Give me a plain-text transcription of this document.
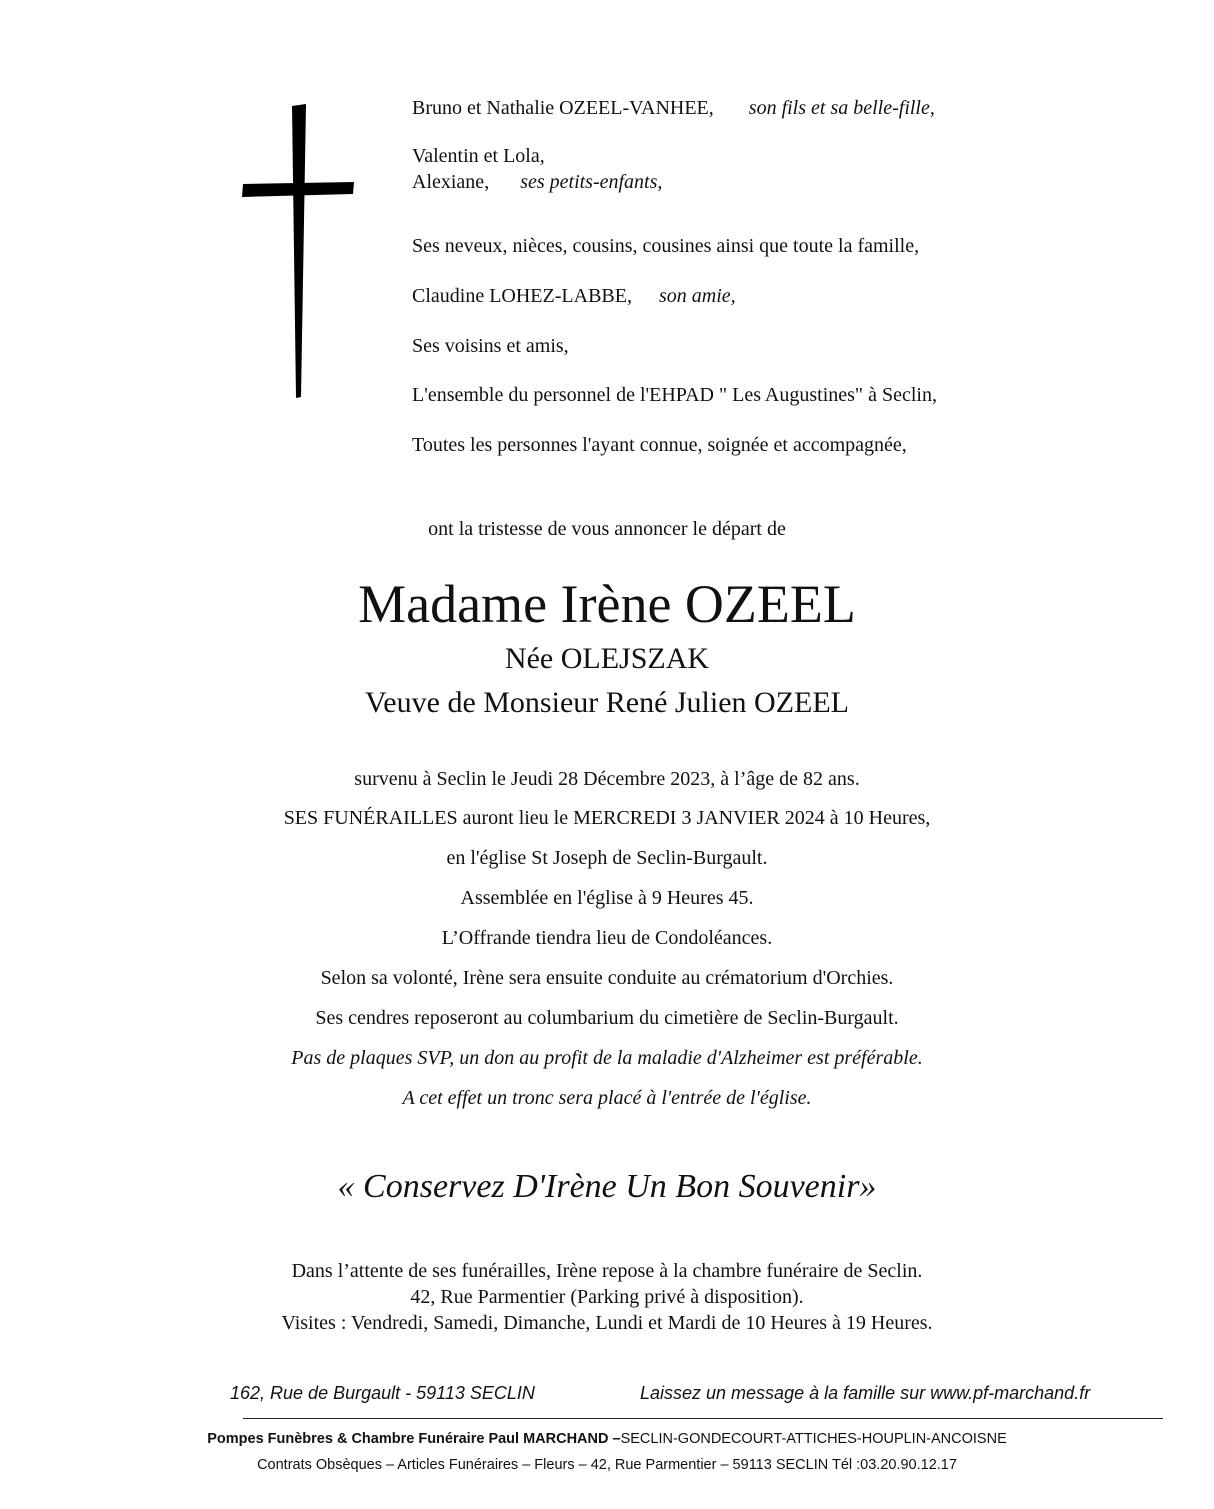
Bruno et Nathalie OZEEL-VANHEE, son fils et sa belle-fille,
Valentin et Lola,
Alexiane, ses petits-enfants,
Ses neveux, nièces, cousins, cousines ainsi que toute la famille,
Claudine LOHEZ-LABBE, son amie,
Ses voisins et amis,
L'ensemble du personnel de l'EHPAD " Les Augustines" à Seclin,
Toutes les personnes l'ayant connue, soignée et accompagnée,
ont la tristesse de vous annoncer le départ de
Madame Irène OZEEL
Née OLEJSZAK
Veuve de Monsieur René Julien OZEEL
survenu à Seclin le Jeudi 28 Décembre 2023, à l’âge de 82 ans.
SES FUNÉRAILLES auront lieu le MERCREDI 3 JANVIER 2024 à 10 Heures,
en l'église St Joseph de Seclin-Burgault.
Assemblée en l'église à 9 Heures 45.
L’Offrande tiendra lieu de Condoléances.
Selon sa volonté, Irène sera ensuite conduite au crématorium d'Orchies.
Ses cendres reposeront au columbarium du cimetière de Seclin-Burgault.
Pas de plaques SVP, un don au profit de la maladie d'Alzheimer est préférable.
A cet effet un tronc sera placé à l'entrée de l'église.
« Conservez D'Irène Un Bon Souvenir»
Dans l’attente de ses funérailles, Irène repose à la chambre funéraire de Seclin.
42, Rue Parmentier (Parking privé à disposition).
Visites : Vendredi, Samedi, Dimanche, Lundi et Mardi de 10 Heures à 19 Heures.
162, Rue de Burgault - 59113 SECLIN	Laissez un message à la famille sur www.pf-marchand.fr
Pompes Funèbres & Chambre Funéraire Paul MARCHAND –SECLIN-GONDECOURT-ATTICHES-HOUPLIN-ANCOISNE
Contrats Obsèques – Articles Funéraires – Fleurs – 42, Rue Parmentier – 59113 SECLIN Tél :03.20.90.12.17
